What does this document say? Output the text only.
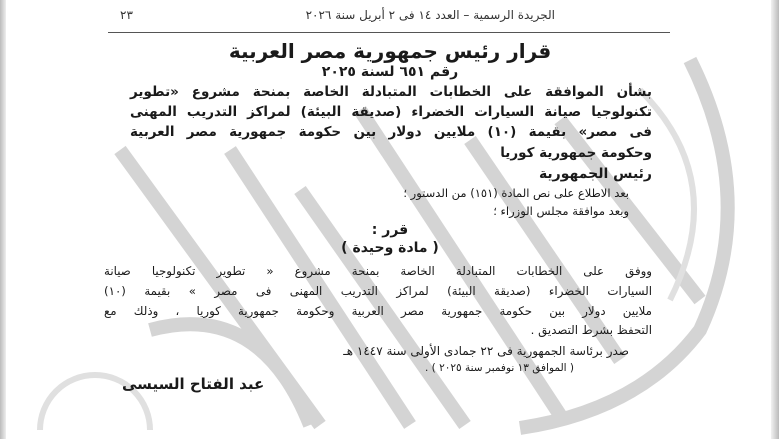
الجريدة الرسمية – العدد ١٤ فى ٢ أبريل سنة ٢٠٢٦
٢٣
قرار رئيس جمهورية مصر العربية
رقم ٦٥١ لسنة ٢٠٢٥
بشأن الموافقة على الخطابات المتبادلة الخاصة بمنحة مشروع «تطوير
تكنولوجيا صيانة السيارات الخضراء (صديقة البيئة) لمراكز التدريب المهنى
فى مصر» بقيمة (١٠) ملايين دولار بين حكومة جمهورية مصر العربية
وحكومة جمهورية كوريا
رئيس الجمهورية
بعد الاطلاع على نص المادة (١٥١) من الدستور ؛
وبعد موافقة مجلس الوزراء ؛
قرر :
( مادة وحيدة )
ووفق على الخطابات المتبادلة الخاصة بمنحة مشروع « تطوير تكنولوجيا صيانة
السيارات الخضراء (صديقة البيئة) لمراكز التدريب المهنى فى مصر » بقيمة (١٠)
ملايين دولار بين حكومة جمهورية مصر العربية وحكومة جمهورية كوريا ، وذلك مع
التحفظ بشرط التصديق .
صدر برئاسة الجمهورية فى ٢٢ جمادى الأولى سنة ١٤٤٧ هـ
( الموافق ١٣ نوفمبر سنة ٢٠٢٥ ) .
عبد الفتاح السيسى
